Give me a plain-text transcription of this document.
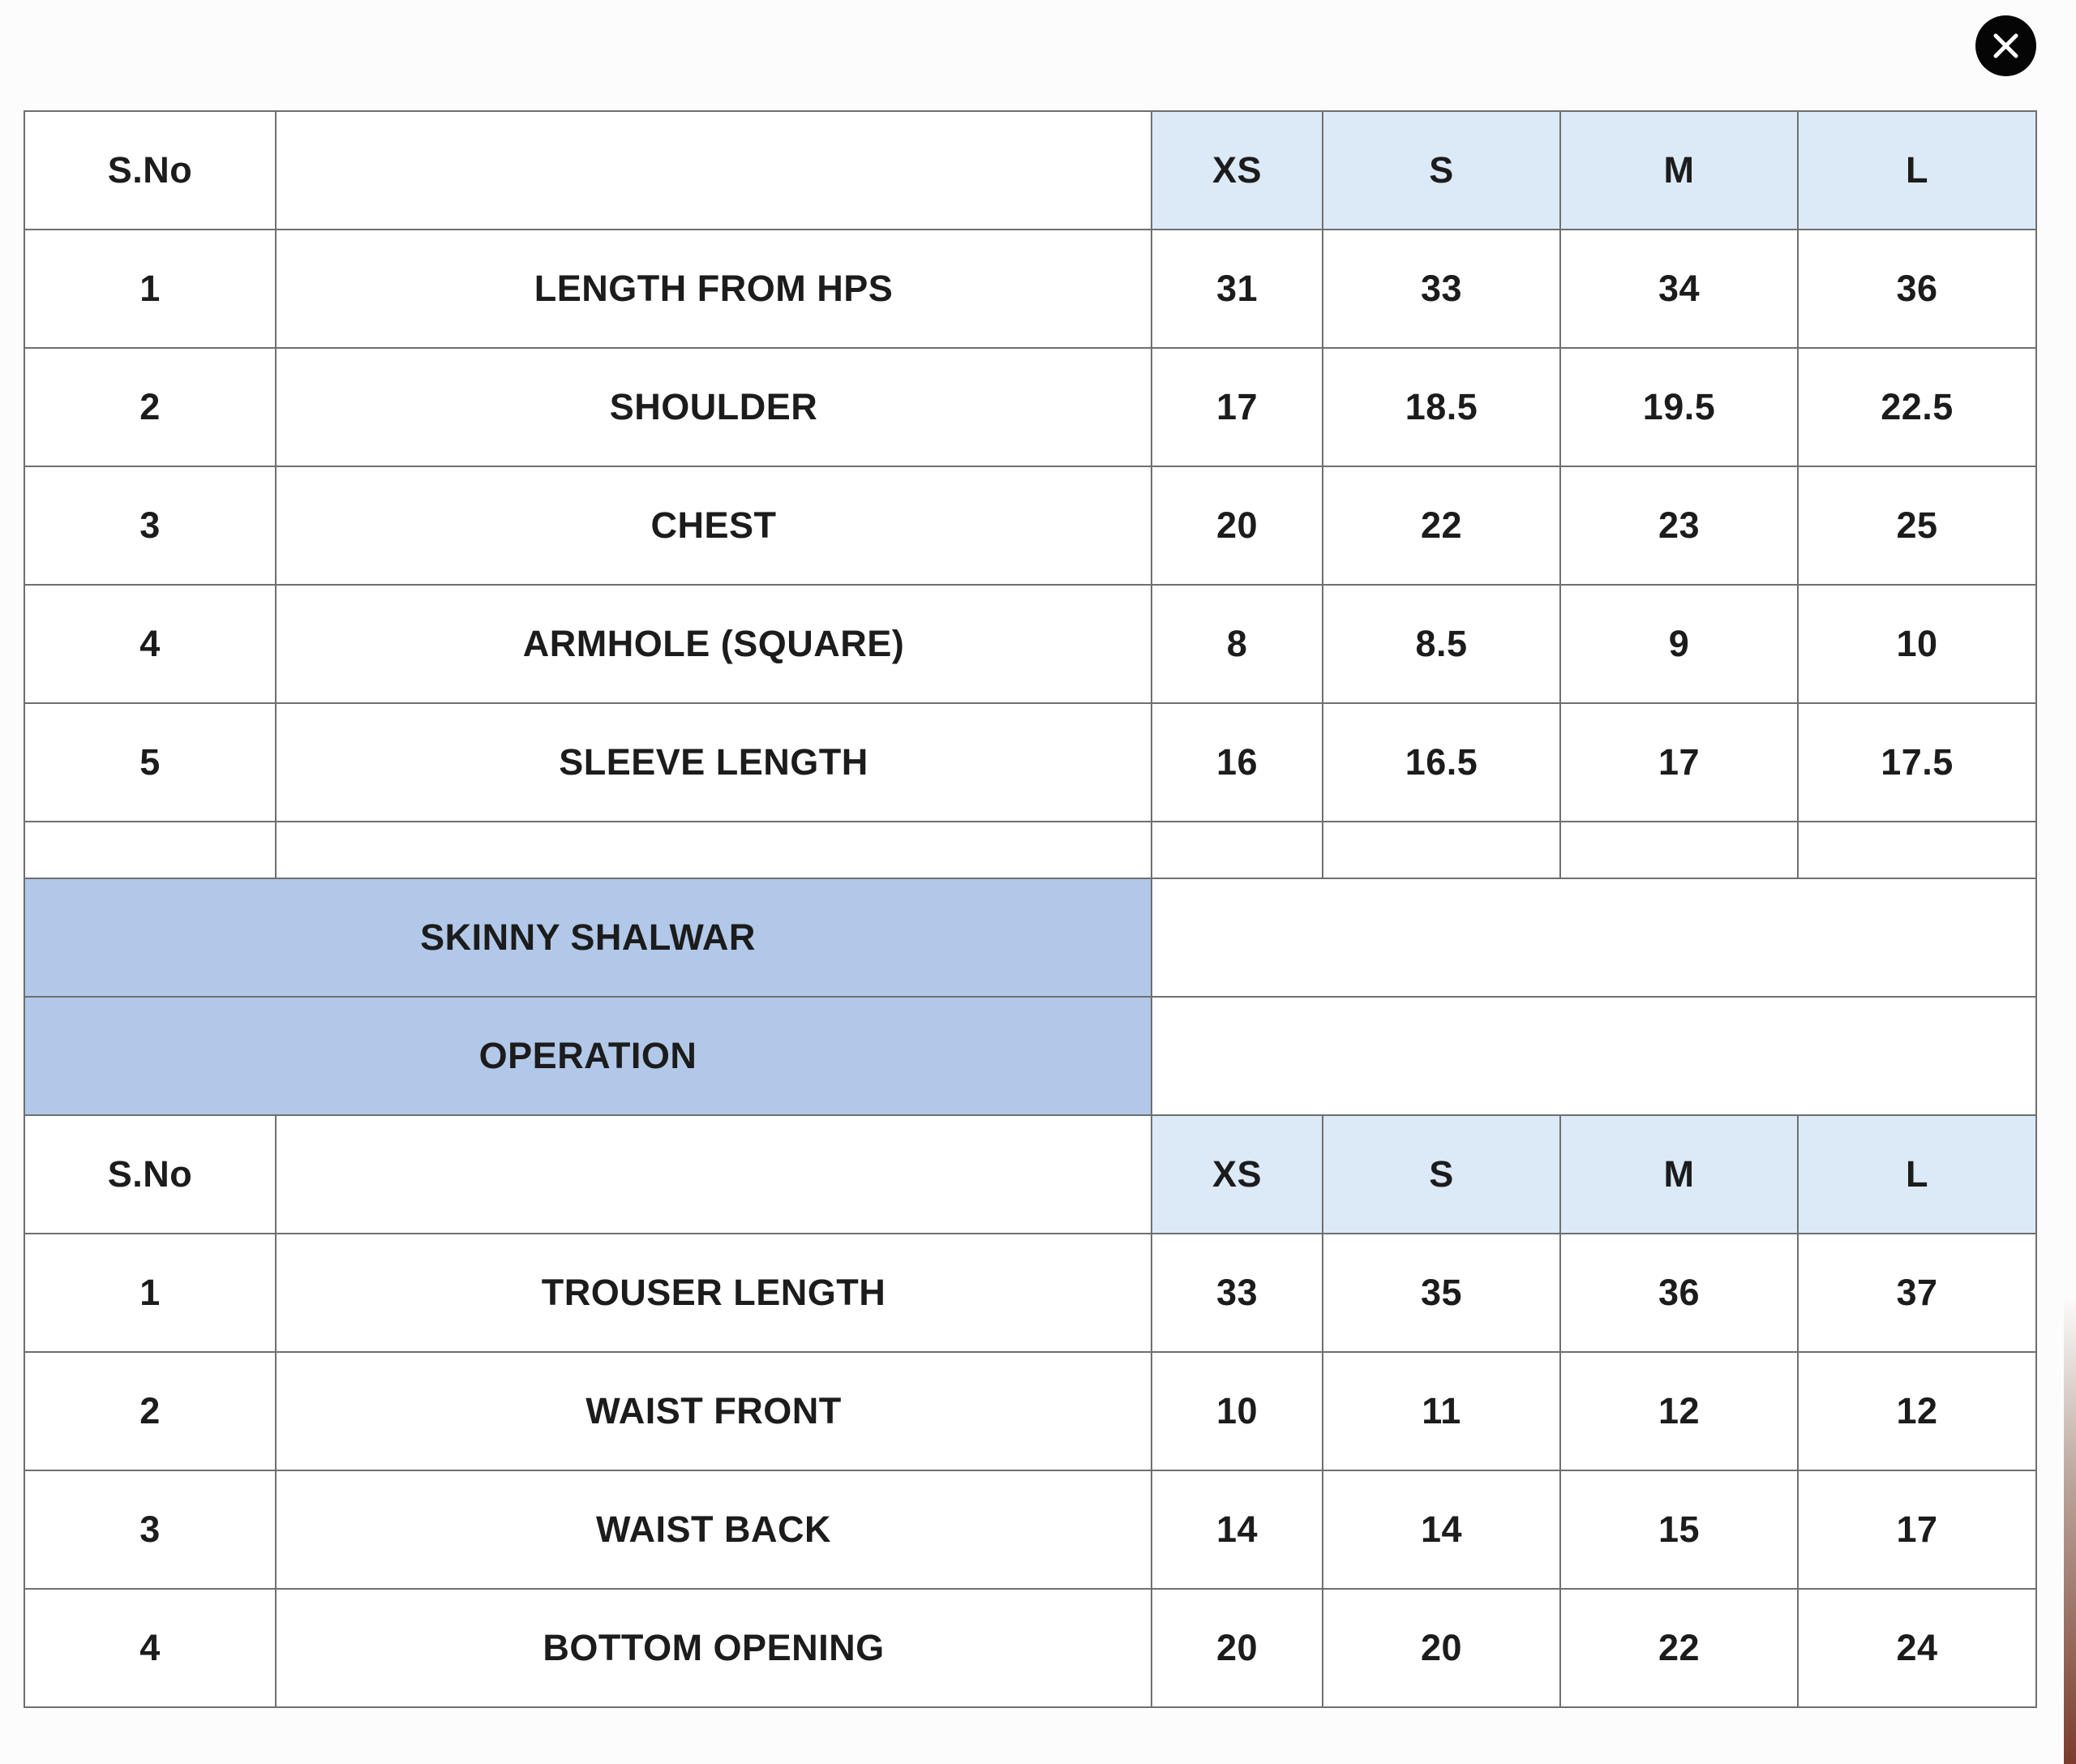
S.No		XS	S	M	L
1	LENGTH FROM HPS	31	33	34	36
2	SHOULDER	17	18.5	19.5	22.5
3	CHEST	20	22	23	25
4	ARMHOLE (SQUARE)	8	8.5	9	10
5	SLEEVE LENGTH	16	16.5	17	17.5

SKINNY SHALWAR					
OPERATION					
S.No		XS	S	M	L
1	TROUSER LENGTH	33	35	36	37
2	WAIST FRONT	10	11	12	12
3	WAIST BACK	14	14	15	17
4	BOTTOM OPENING	20	20	22	24
